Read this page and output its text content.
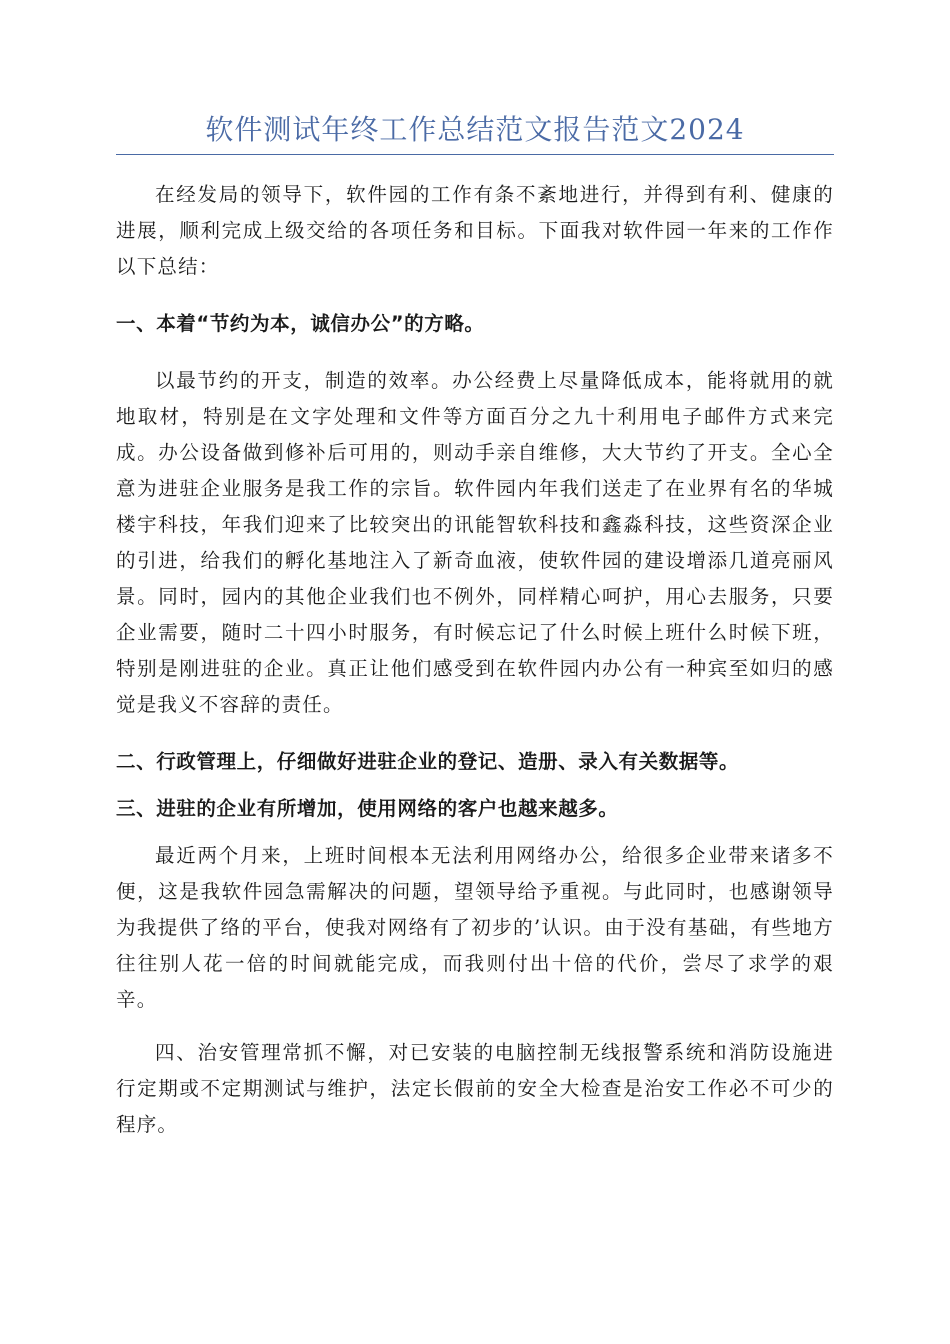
软件测试年终工作总结范文报告范文2024

在经发局的领导下，软件园的工作有条不紊地进行，并得到有利、健康的进展，顺利完成上级交给的各项任务和目标。下面我对软件园一年来的工作作以下总结：

一、本着“节约为本，诚信办公”的方略。

以最节约的开支，制造的效率。办公经费上尽量降低成本，能将就用的就地取材，特别是在文字处理和文件等方面百分之九十利用电子邮件方式来完成。办公设备做到修补后可用的，则动手亲自维修，大大节约了开支。全心全意为进驻企业服务是我工作的宗旨。软件园内年我们送走了在业界有名的华城楼宇科技，年我们迎来了比较突出的讯能智软科技和鑫淼科技，这些资深企业的引进，给我们的孵化基地注入了新奇血液，使软件园的建设增添几道亮丽风景。同时，园内的其他企业我们也不例外，同样精心呵护，用心去服务，只要企业需要，随时二十四小时服务，有时候忘记了什么时候上班什么时候下班，特别是刚进驻的企业。真正让他们感受到在软件园内办公有一种宾至如归的感觉是我义不容辞的责任。

二、行政管理上，仔细做好进驻企业的登记、造册、录入有关数据等。

三、进驻的企业有所增加，使用网络的客户也越来越多。

最近两个月来，上班时间根本无法利用网络办公，给很多企业带来诸多不便，这是我软件园急需解决的问题，望领导给予重视。与此同时，也感谢领导为我提供了络的平台，使我对网络有了初步的’认识。由于没有基础，有些地方往往别人花一倍的时间就能完成，而我则付出十倍的代价，尝尽了求学的艰辛。

四、治安管理常抓不懈，对已安装的电脑控制无线报警系统和消防设施进行定期或不定期测试与维护，法定长假前的安全大检查是治安工作必不可少的程序。
